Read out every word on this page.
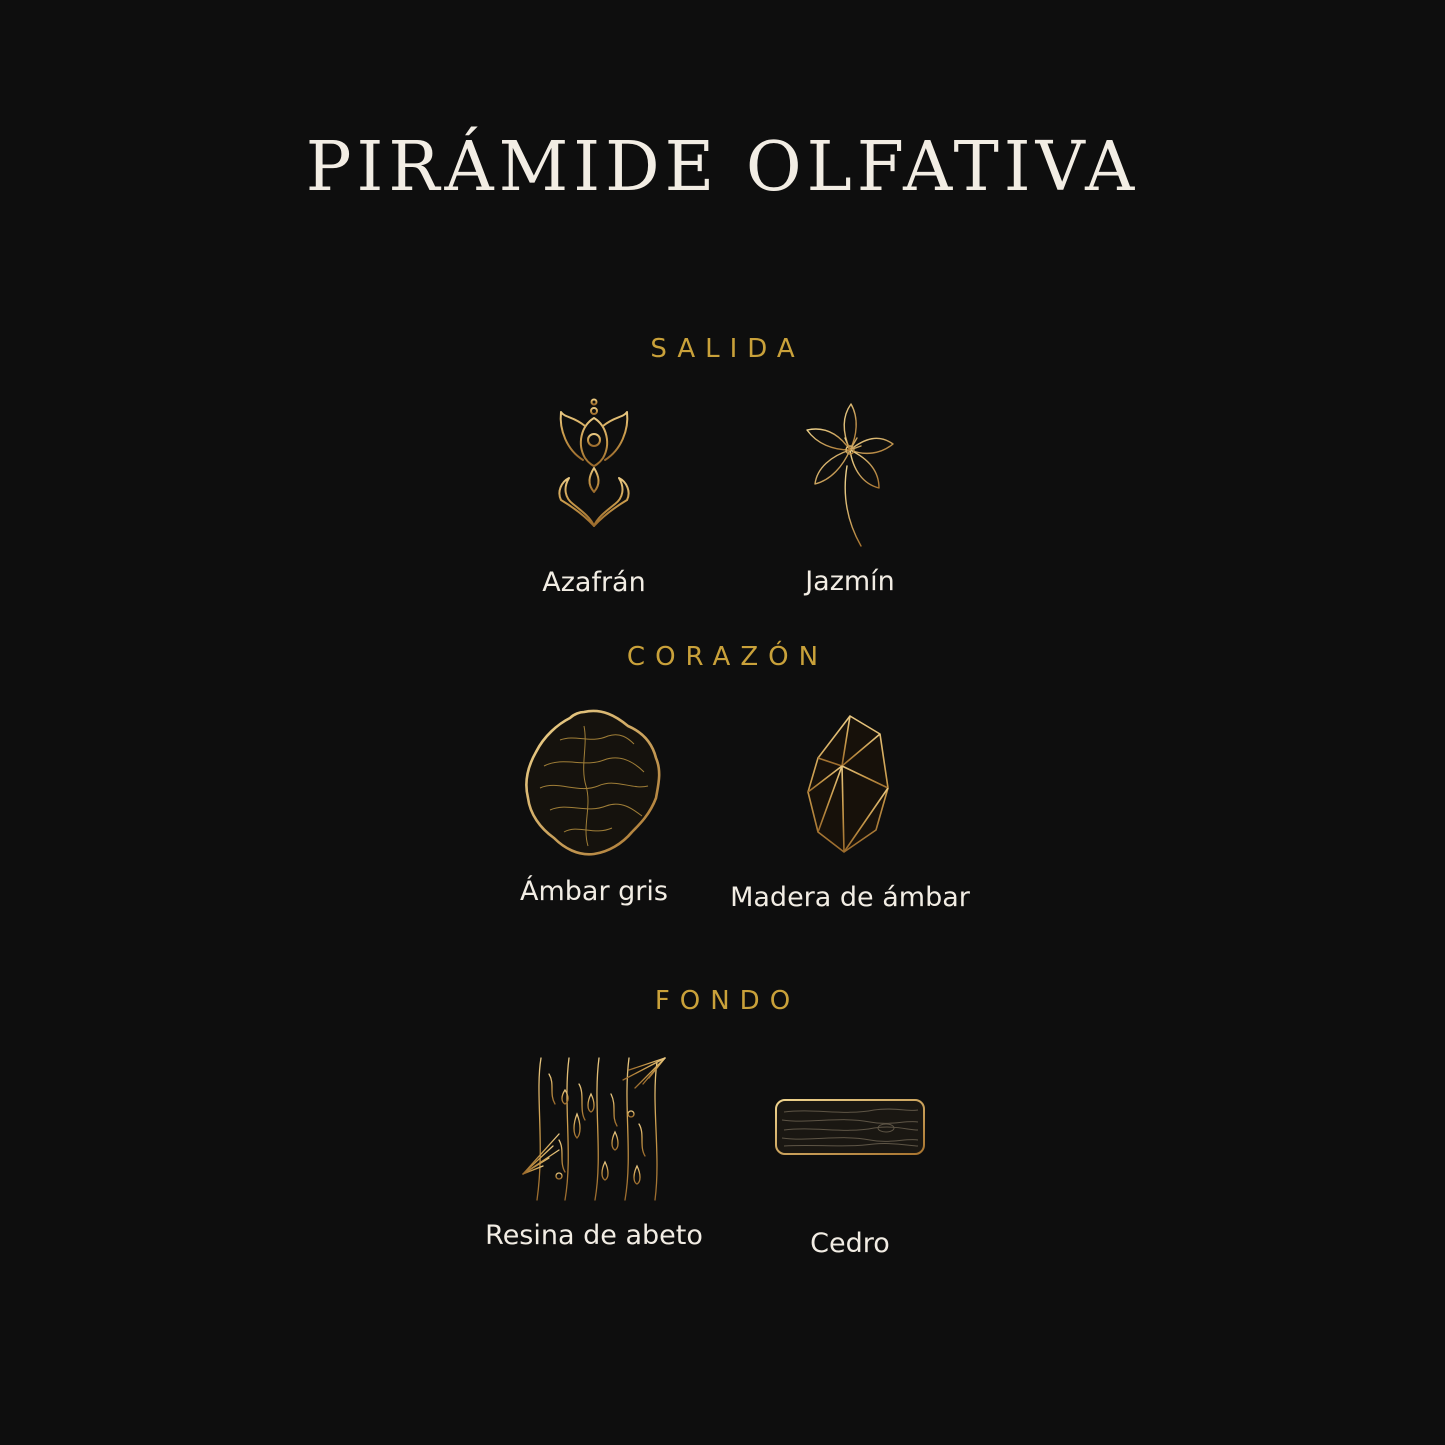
PIRÁMIDE OLFATIVA
SALIDA
Azafrán	Jazmín
CORAZÓN
Ámbar gris	Madera de ámbar
FONDO
Resina de abeto	Cedro
